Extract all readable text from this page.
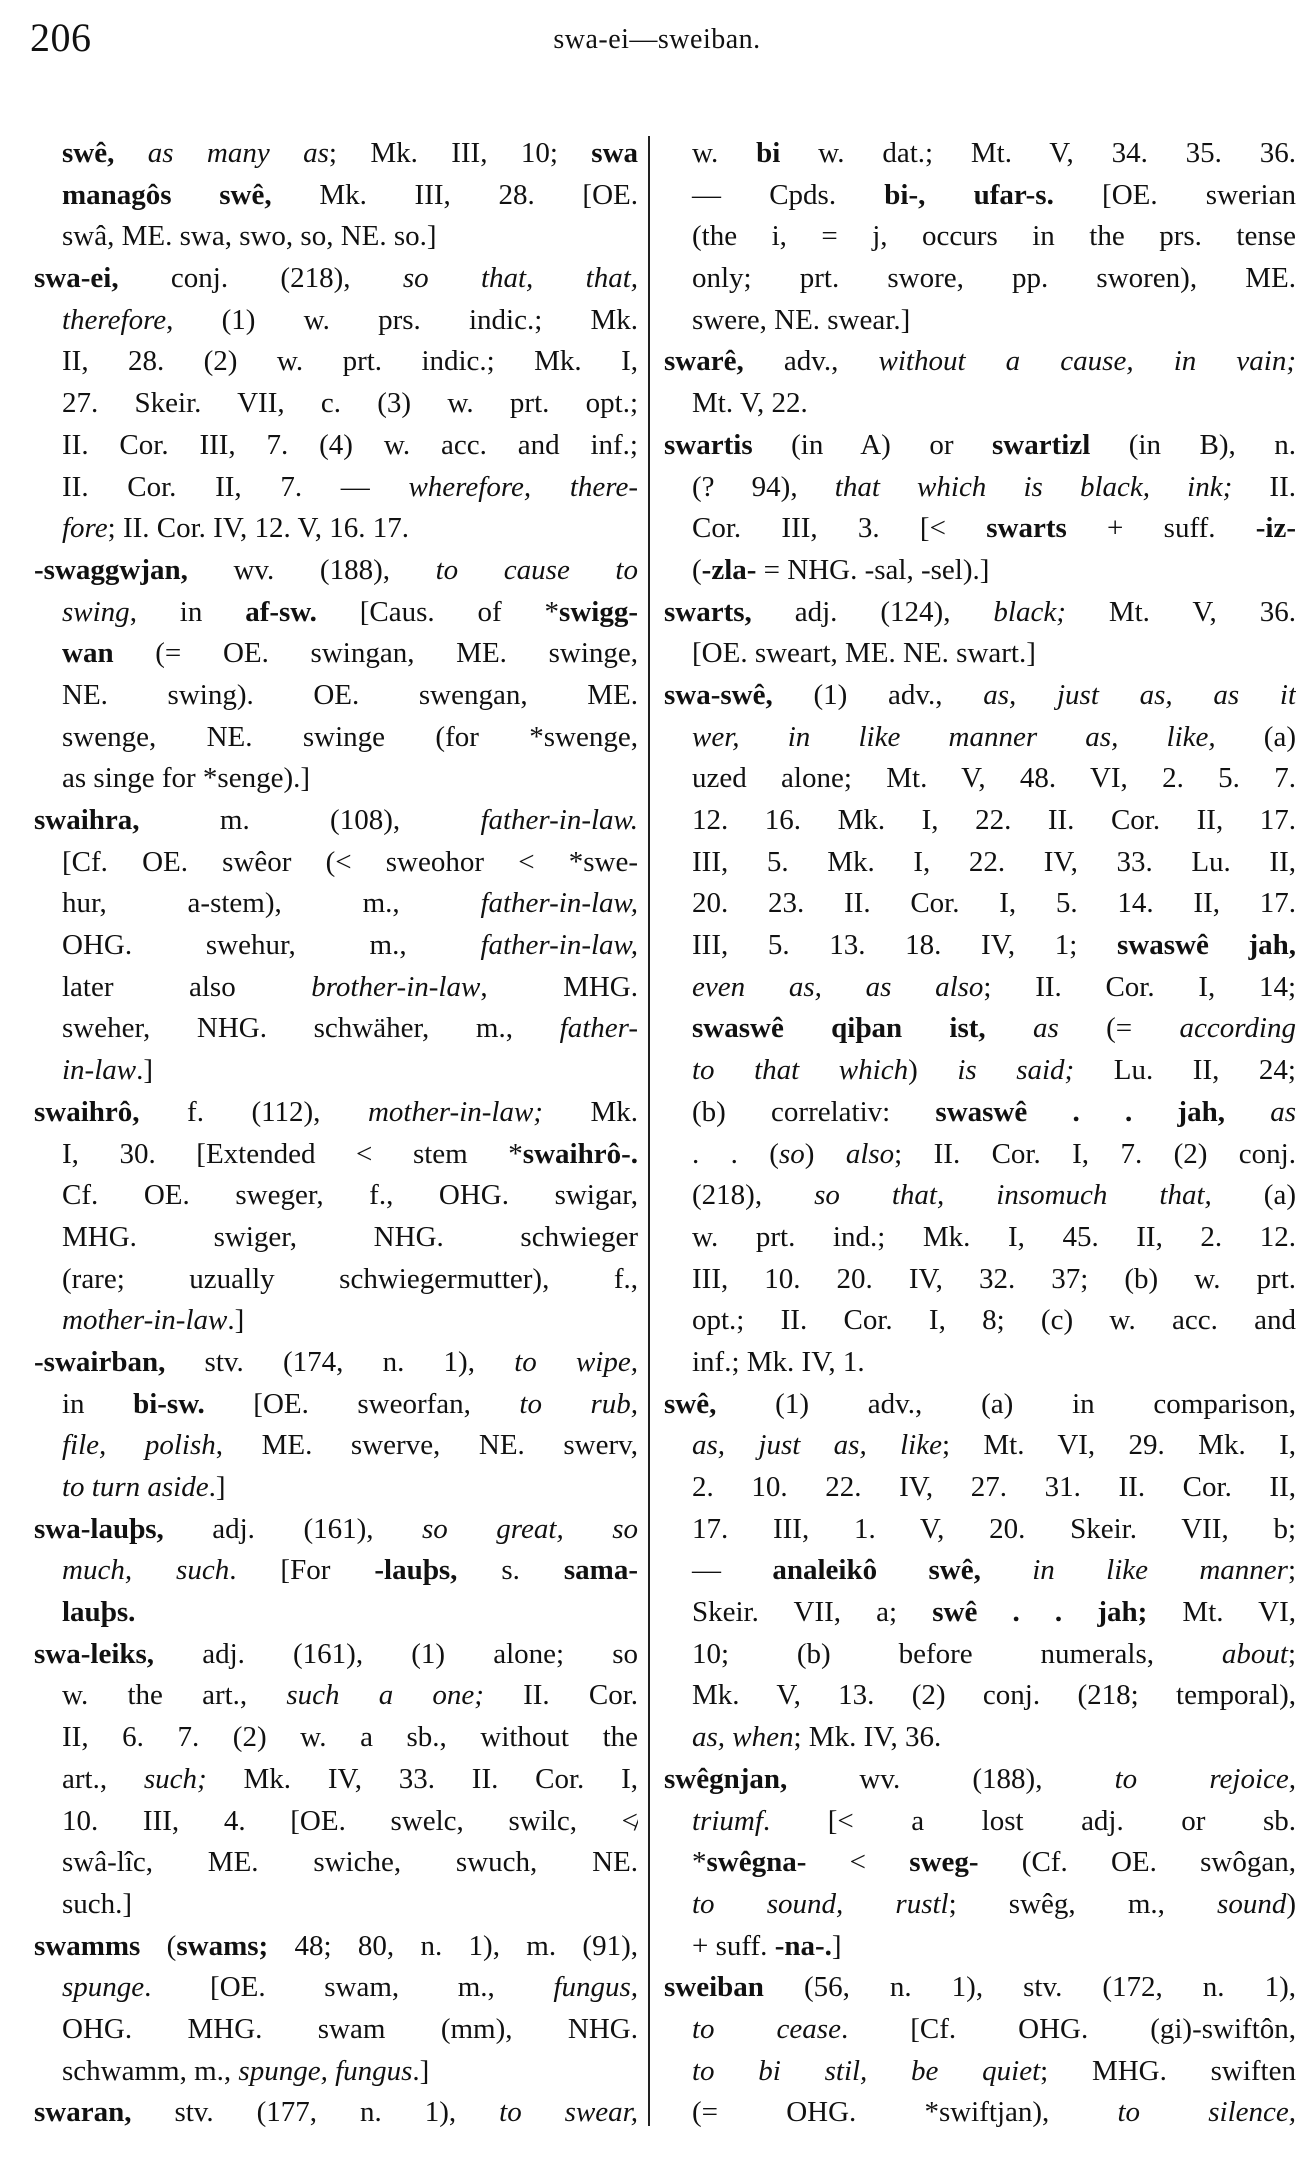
206	swa-ei—sweiban.
swê, as many as; Mk. III, 10; swa
managôs swê, Mk. III, 28. [OE.
swâ, ME. swa, swo, so, NE. so.]
swa-ei, conj. (218), so that, that,
therefore, (1) w. prs. indic.; Mk.
II, 28. (2) w. prt. indic.; Mk. I,
27. Skeir. VII, c. (3) w. prt. opt.;
II. Cor. III, 7. (4) w. acc. and inf.;
II. Cor. II, 7. — wherefore, there-
fore; II. Cor. IV, 12. V, 16. 17.
-swaggwjan, wv. (188), to cause to
swing, in af-sw. [Caus. of *swigg-
wan (= OE. swingan, ME. swinge,
NE. swing). OE. swengan, ME.
swenge, NE. swinge (for *swenge,
as singe for *senge).]
swaihra, m. (108), father-in-law.
[Cf. OE. swêor (< sweohor < *swe-
hur, a-stem), m., father-in-law,
OHG. swehur, m., father-in-law,
later also brother-in-law, MHG.
sweher, NHG. schwäher, m., father-
in-law.]
swaihrô, f. (112), mother-in-law; Mk.
I, 30. [Extended < stem *swaihrô-.
Cf. OE. sweger, f., OHG. swigar,
MHG. swiger, NHG. schwieger
(rare; uzually schwiegermutter), f.,
mother-in-law.]
-swairban, stv. (174, n. 1), to wipe,
in bi-sw. [OE. sweorfan, to rub,
file, polish, ME. swerve, NE. swerv,
to turn aside.]
swa-lauþs, adj. (161), so great, so
much, such. [For -lauþs, s. sama-
lauþs.
swa-leiks, adj. (161), (1) alone; so
w. the art., such a one; II. Cor.
II, 6. 7. (2) w. a sb., without the
art., such; Mk. IV, 33. II. Cor. I,
10. III, 4. [OE. swelc, swilc, ≮
swâ-lîc, ME. swiche, swuch, NE.
such.]
swamms (swams; 48; 80, n. 1), m. (91),
spunge. [OE. swam, m., fungus,
OHG. MHG. swam (mm), NHG.
schwamm, m., spunge, fungus.]
swaran, stv. (177, n. 1), to swear,
w. bi w. dat.; Mt. V, 34. 35. 36.
— Cpds. bi-, ufar-s. [OE. swerian
(the i, = j, occurs in the prs. tense
only; prt. swore, pp. sworen), ME.
swere, NE. swear.]
swarê, adv., without a cause, in vain;
Mt. V, 22.
swartis (in A) or swartizl (in B), n.
(? 94), that which is black, ink; II.
Cor. III, 3. [< swarts + suff. -iz-
(-zla- = NHG. -sal, -sel).]
swarts, adj. (124), black; Mt. V, 36.
[OE. sweart, ME. NE. swart.]
swa-swê, (1) adv., as, just as, as it
wer, in like manner as, like, (a)
uzed alone; Mt. V, 48. VI, 2. 5. 7.
12. 16. Mk. I, 22. II. Cor. II, 17.
III, 5. Mk. I, 22. IV, 33. Lu. II,
20. 23. II. Cor. I, 5. 14. II, 17.
III, 5. 13. 18. IV, 1; swaswê jah,
even as, as also; II. Cor. I, 14;
swaswê qiþan ist, as (= according
to that which) is said; Lu. II, 24;
(b) correlativ: swaswê . . jah, as
. . (so) also; II. Cor. I, 7. (2) conj.
(218), so that, insomuch that, (a)
w. prt. ind.; Mk. I, 45. II, 2. 12.
III, 10. 20. IV, 32. 37; (b) w. prt.
opt.; II. Cor. I, 8; (c) w. acc. and
inf.; Mk. IV, 1.
swê, (1) adv., (a) in comparison,
as, just as, like; Mt. VI, 29. Mk. I,
2. 10. 22. IV, 27. 31. II. Cor. II,
17. III, 1. V, 20. Skeir. VII, b;
— analeikô swê, in like manner;
Skeir. VII, a; swê . . jah; Mt. VI,
10; (b) before numerals, about;
Mk. V, 13. (2) conj. (218; temporal),
as, when; Mk. IV, 36.
swêgnjan, wv. (188), to rejoice,
triumf. [< a lost adj. or sb.
*swêgna- < sweg- (Cf. OE. swôgan,
to sound, rustl; swêg, m., sound)
+ suff. -na-.]
sweiban (56, n. 1), stv. (172, n. 1),
to cease. [Cf. OHG. (gi)-swiftôn,
to bi stil, be quiet; MHG. swiften
(= OHG. *swiftjan), to silence,
